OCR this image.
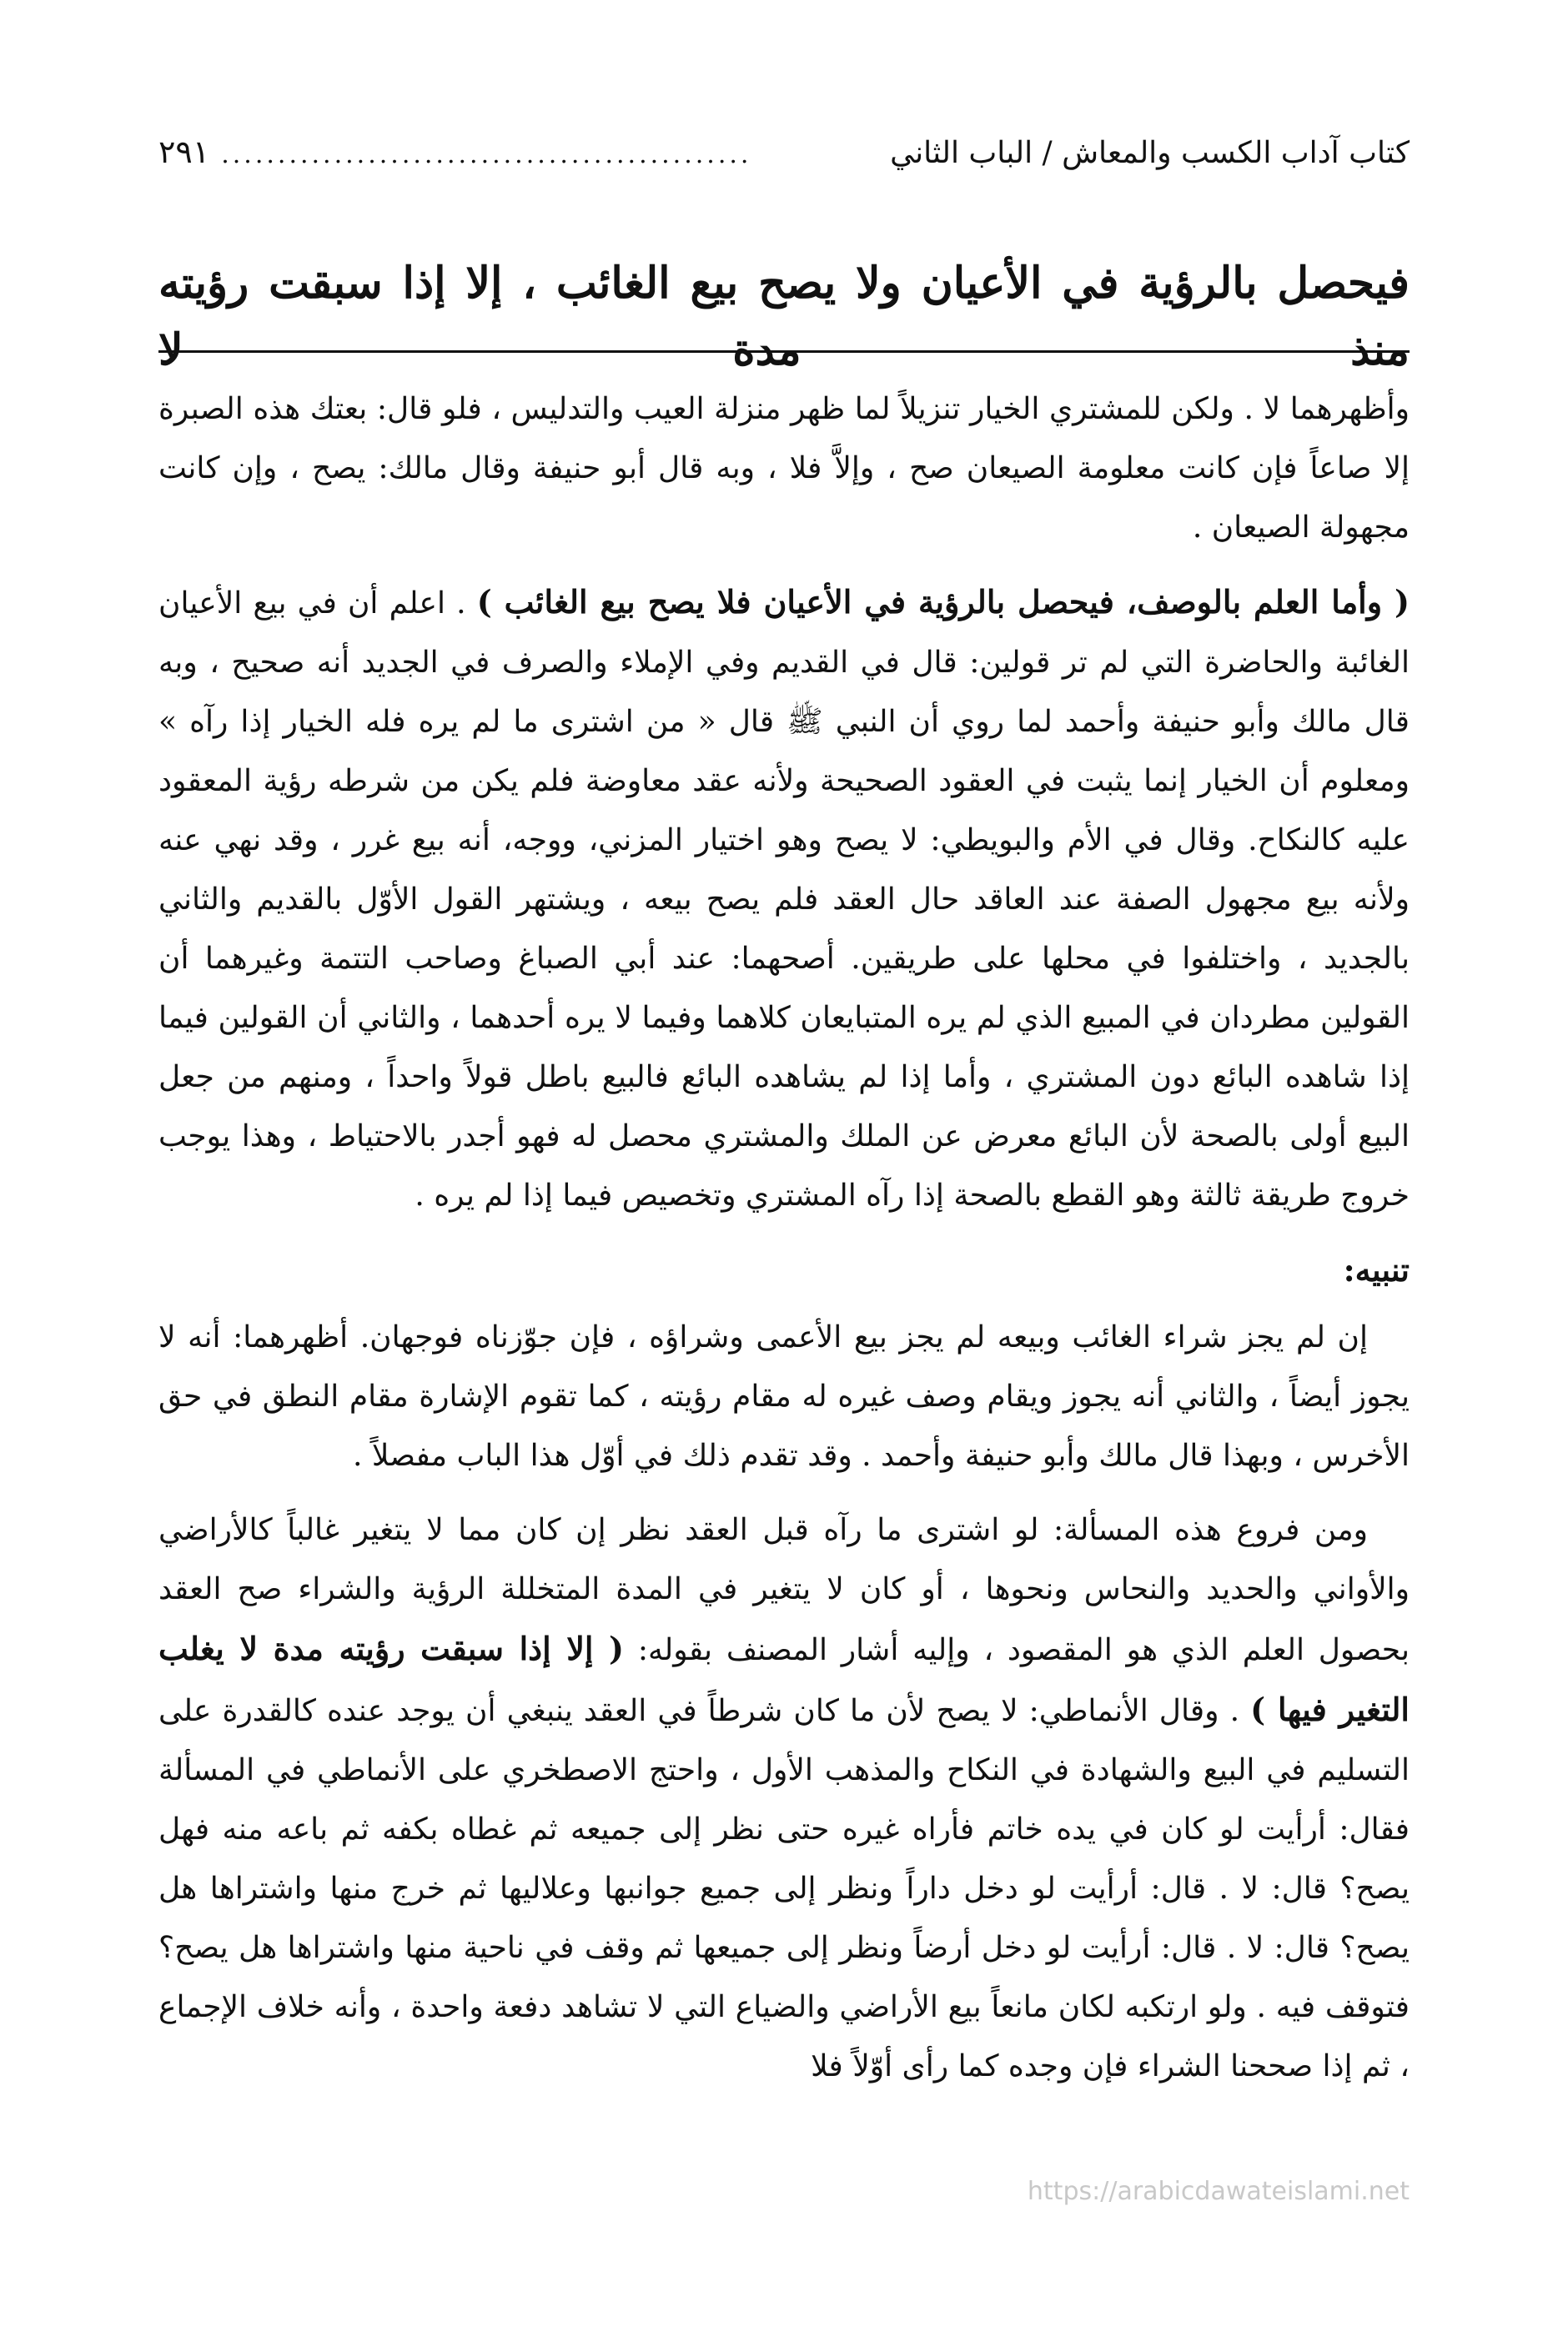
كتاب آداب الكسب والمعاش / الباب الثاني
...............................................
٢٩١
فيحصل بالرؤية في الأعيان ولا يصح بيع الغائب ، إلا إذا سبقت رؤيته منذ مدة لا

وأظهرهما لا . ولكن للمشتري الخيار تنزيلاً لما ظهر منزلة العيب والتدليس ، فلو قال: بعتك هذه الصبرة إلا صاعاً فإن كانت معلومة الصيعان صح ، وإلاَّ فلا ، وبه قال أبو حنيفة وقال مالك: يصح ، وإن كانت مجهولة الصيعان .

( وأما العلم بالوصف، فيحصل بالرؤية في الأعيان فلا يصح بيع الغائب ) . اعلم أن في بيع الأعيان الغائبة والحاضرة التي لم تر قولين: قال في القديم وفي الإملاء والصرف في الجديد أنه صحيح ، وبه قال مالك وأبو حنيفة وأحمد لما روي أن النبي ﷺ قال « من اشترى ما لم يره فله الخيار إذا رآه » ومعلوم أن الخيار إنما يثبت في العقود الصحيحة ولأنه عقد معاوضة فلم يكن من شرطه رؤية المعقود عليه كالنكاح. وقال في الأم والبويطي: لا يصح وهو اختيار المزني، ووجه، أنه بيع غرر ، وقد نهي عنه ولأنه بيع مجهول الصفة عند العاقد حال العقد فلم يصح بيعه ، ويشتهر القول الأوّل بالقديم والثاني بالجديد ، واختلفوا في محلها على طريقين. أصحهما: عند أبي الصباغ وصاحب التتمة وغيرهما أن القولين مطردان في المبيع الذي لم يره المتبايعان كلاهما وفيما لا يره أحدهما ، والثاني أن القولين فيما إذا شاهده البائع دون المشتري ، وأما إذا لم يشاهده البائع فالبيع باطل قولاً واحداً ، ومنهم من جعل البيع أولى بالصحة لأن البائع معرض عن الملك والمشتري محصل له فهو أجدر بالاحتياط ، وهذا يوجب خروج طريقة ثالثة وهو القطع بالصحة إذا رآه المشتري وتخصيص فيما إذا لم يره .

تنبيه:

إن لم يجز شراء الغائب وبيعه لم يجز بيع الأعمى وشراؤه ، فإن جوّزناه فوجهان. أظهرهما: أنه لا يجوز أيضاً ، والثاني أنه يجوز ويقام وصف غيره له مقام رؤيته ، كما تقوم الإشارة مقام النطق في حق الأخرس ، وبهذا قال مالك وأبو حنيفة وأحمد . وقد تقدم ذلك في أوّل هذا الباب مفصلاً .

ومن فروع هذه المسألة: لو اشترى ما رآه قبل العقد نظر إن كان مما لا يتغير غالباً كالأراضي والأواني والحديد والنحاس ونحوها ، أو كان لا يتغير في المدة المتخللة الرؤية والشراء صح العقد بحصول العلم الذي هو المقصود ، وإليه أشار المصنف بقوله: ( إلا إذا سبقت رؤيته مدة لا يغلب التغير فيها ) . وقال الأنماطي: لا يصح لأن ما كان شرطاً في العقد ينبغي أن يوجد عنده كالقدرة على التسليم في البيع والشهادة في النكاح والمذهب الأول ، واحتج الاصطخري على الأنماطي في المسألة فقال: أرأيت لو كان في يده خاتم فأراه غيره حتى نظر إلى جميعه ثم غطاه بكفه ثم باعه منه فهل يصح؟ قال: لا . قال: أرأيت لو دخل داراً ونظر إلى جميع جوانبها وعلاليها ثم خرج منها واشتراها هل يصح؟ قال: لا . قال: أرأيت لو دخل أرضاً ونظر إلى جميعها ثم وقف في ناحية منها واشتراها هل يصح؟ فتوقف فيه . ولو ارتكبه لكان مانعاً بيع الأراضي والضياع التي لا تشاهد دفعة واحدة ، وأنه خلاف الإجماع ، ثم إذا صححنا الشراء فإن وجده كما رأى أوّلاً فلا

https://arabicdawateislami.net
